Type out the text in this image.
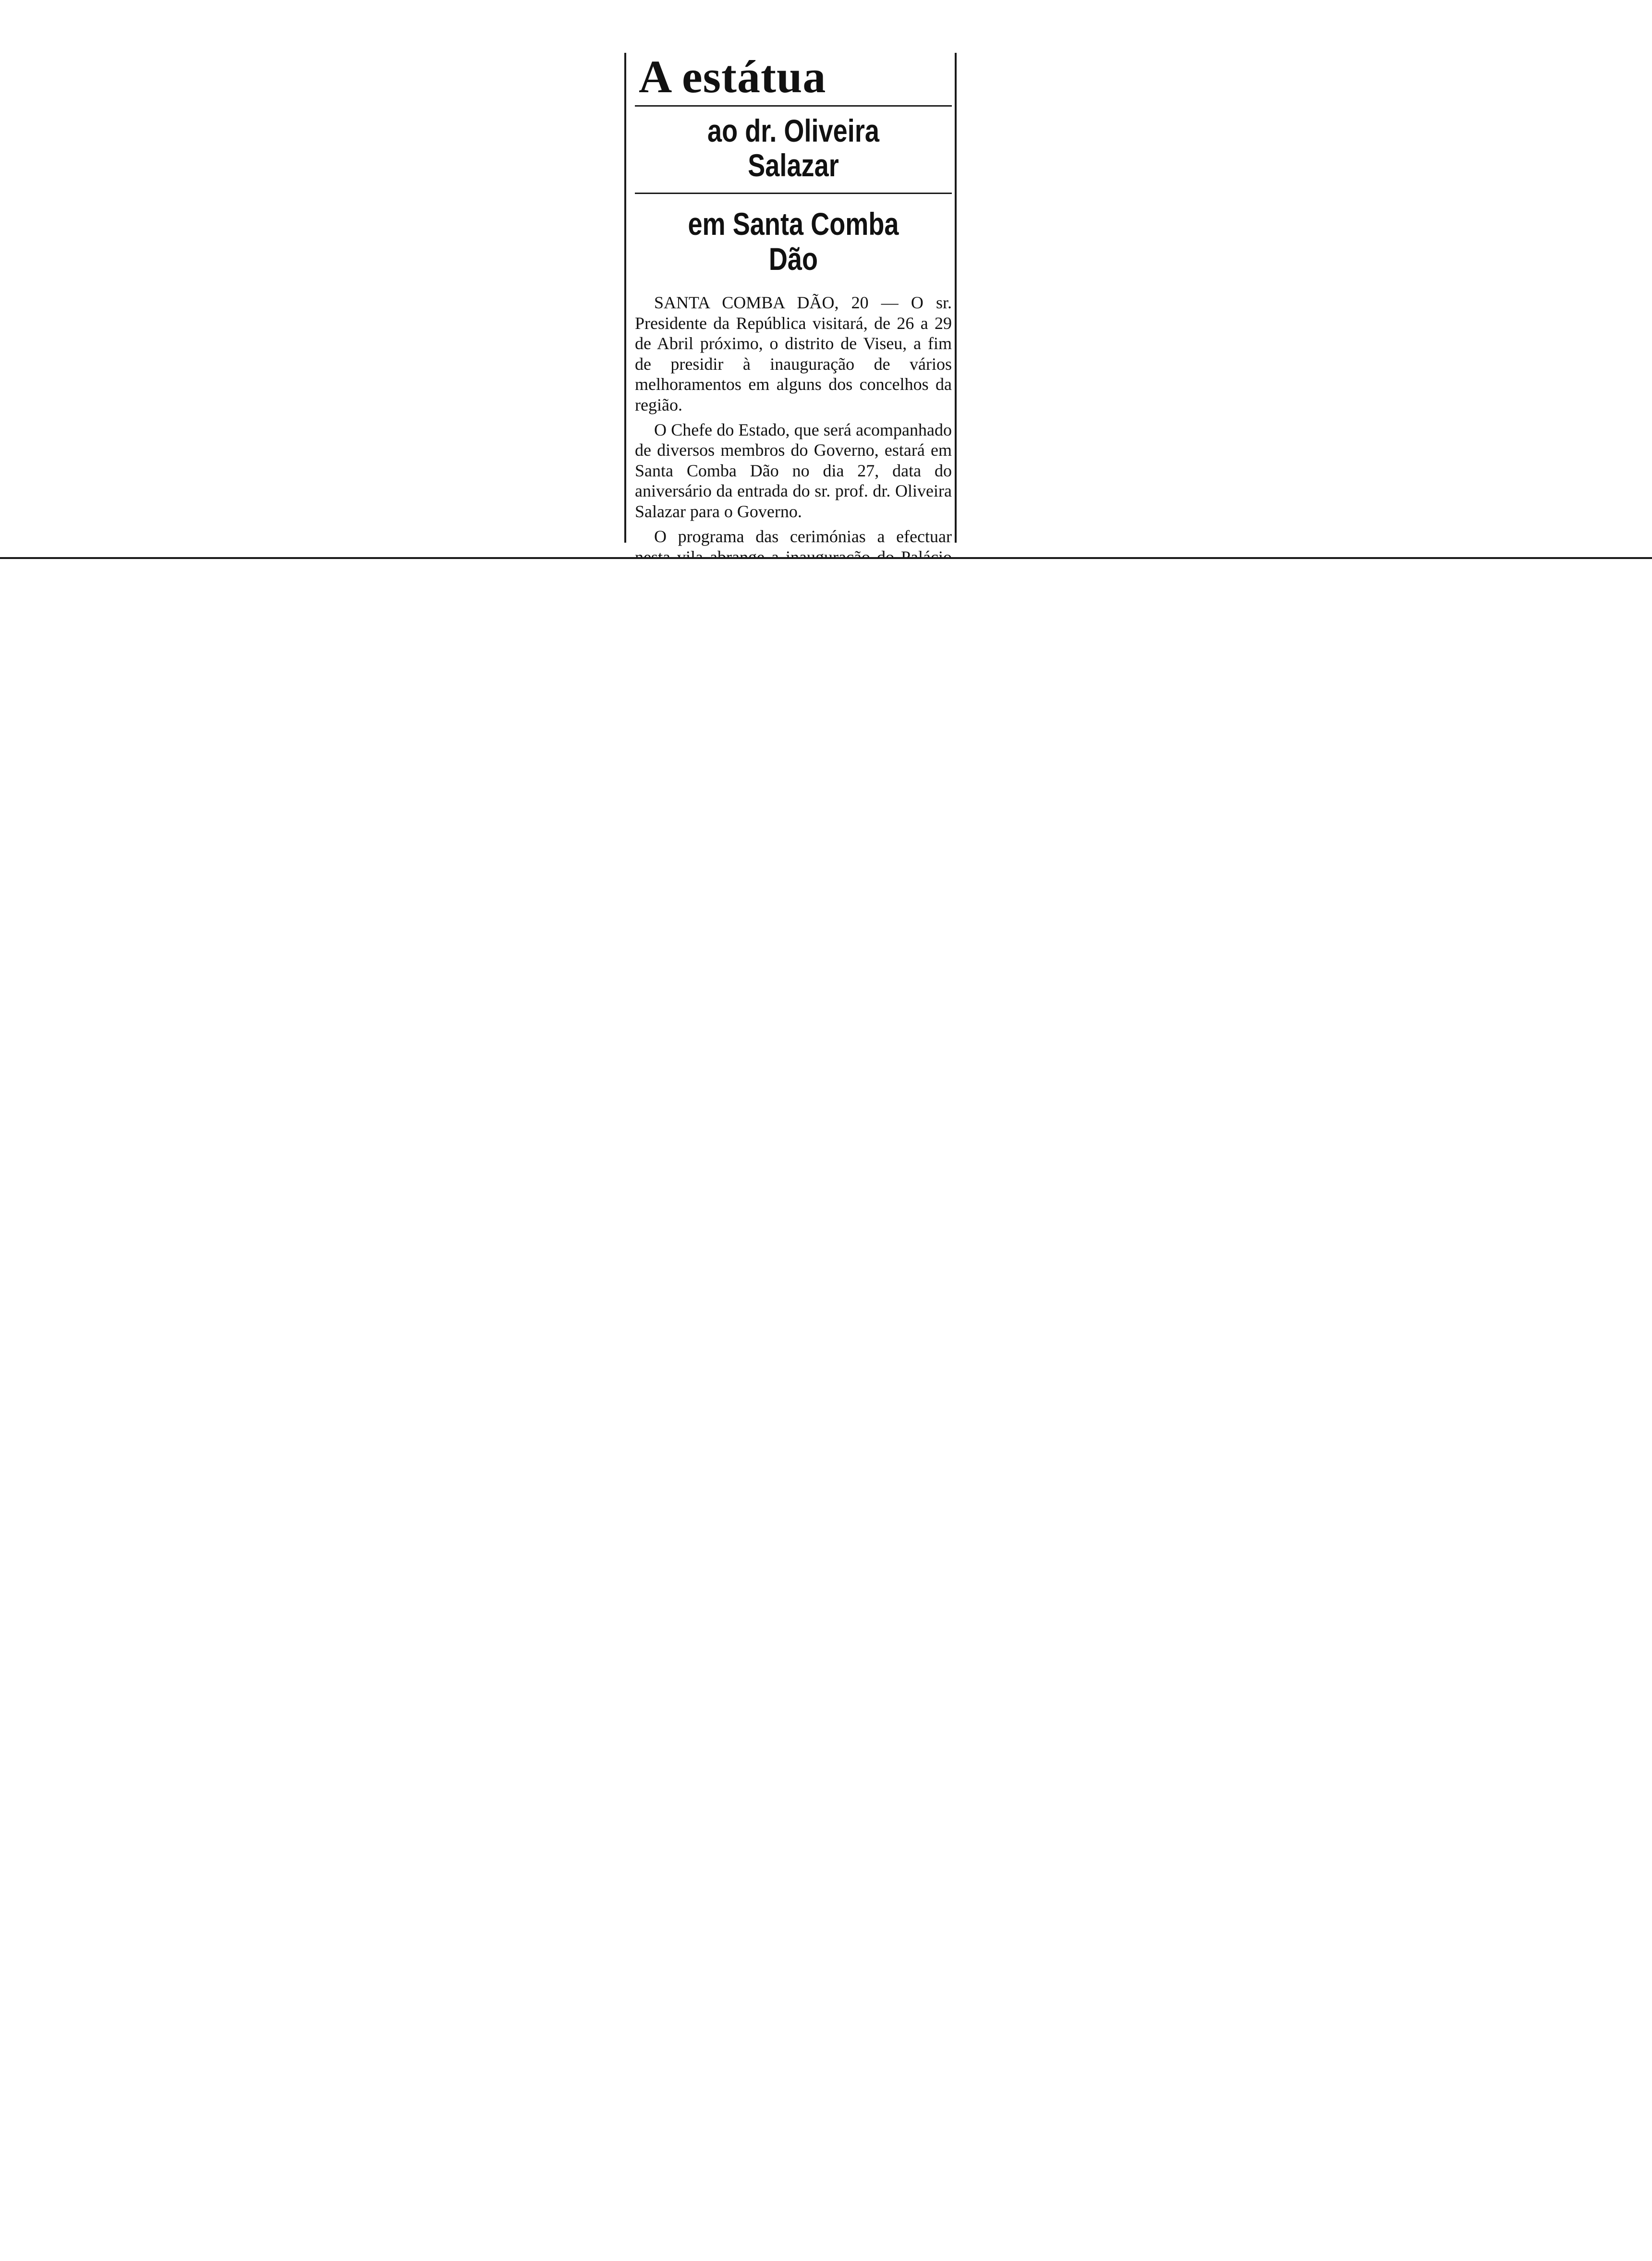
A estátua
ao dr. Oliveira Salazar
em Santa Comba Dão

SANTA COMBA DÃO, 20 — O sr. Presidente da República visitará, de 26 a 29 de Abril próximo, o distrito de Viseu, a fim de presidir à inauguração de vários melhoramentos em alguns dos concelhos da região.

O Chefe do Estado, que será acompanhado de diversos membros do Governo, estará em Santa Comba Dão no dia 27, data do aniversário da entrada do sr. prof. dr. Oliveira Salazar para o Governo.

O programa das cerimónias a efectuar
